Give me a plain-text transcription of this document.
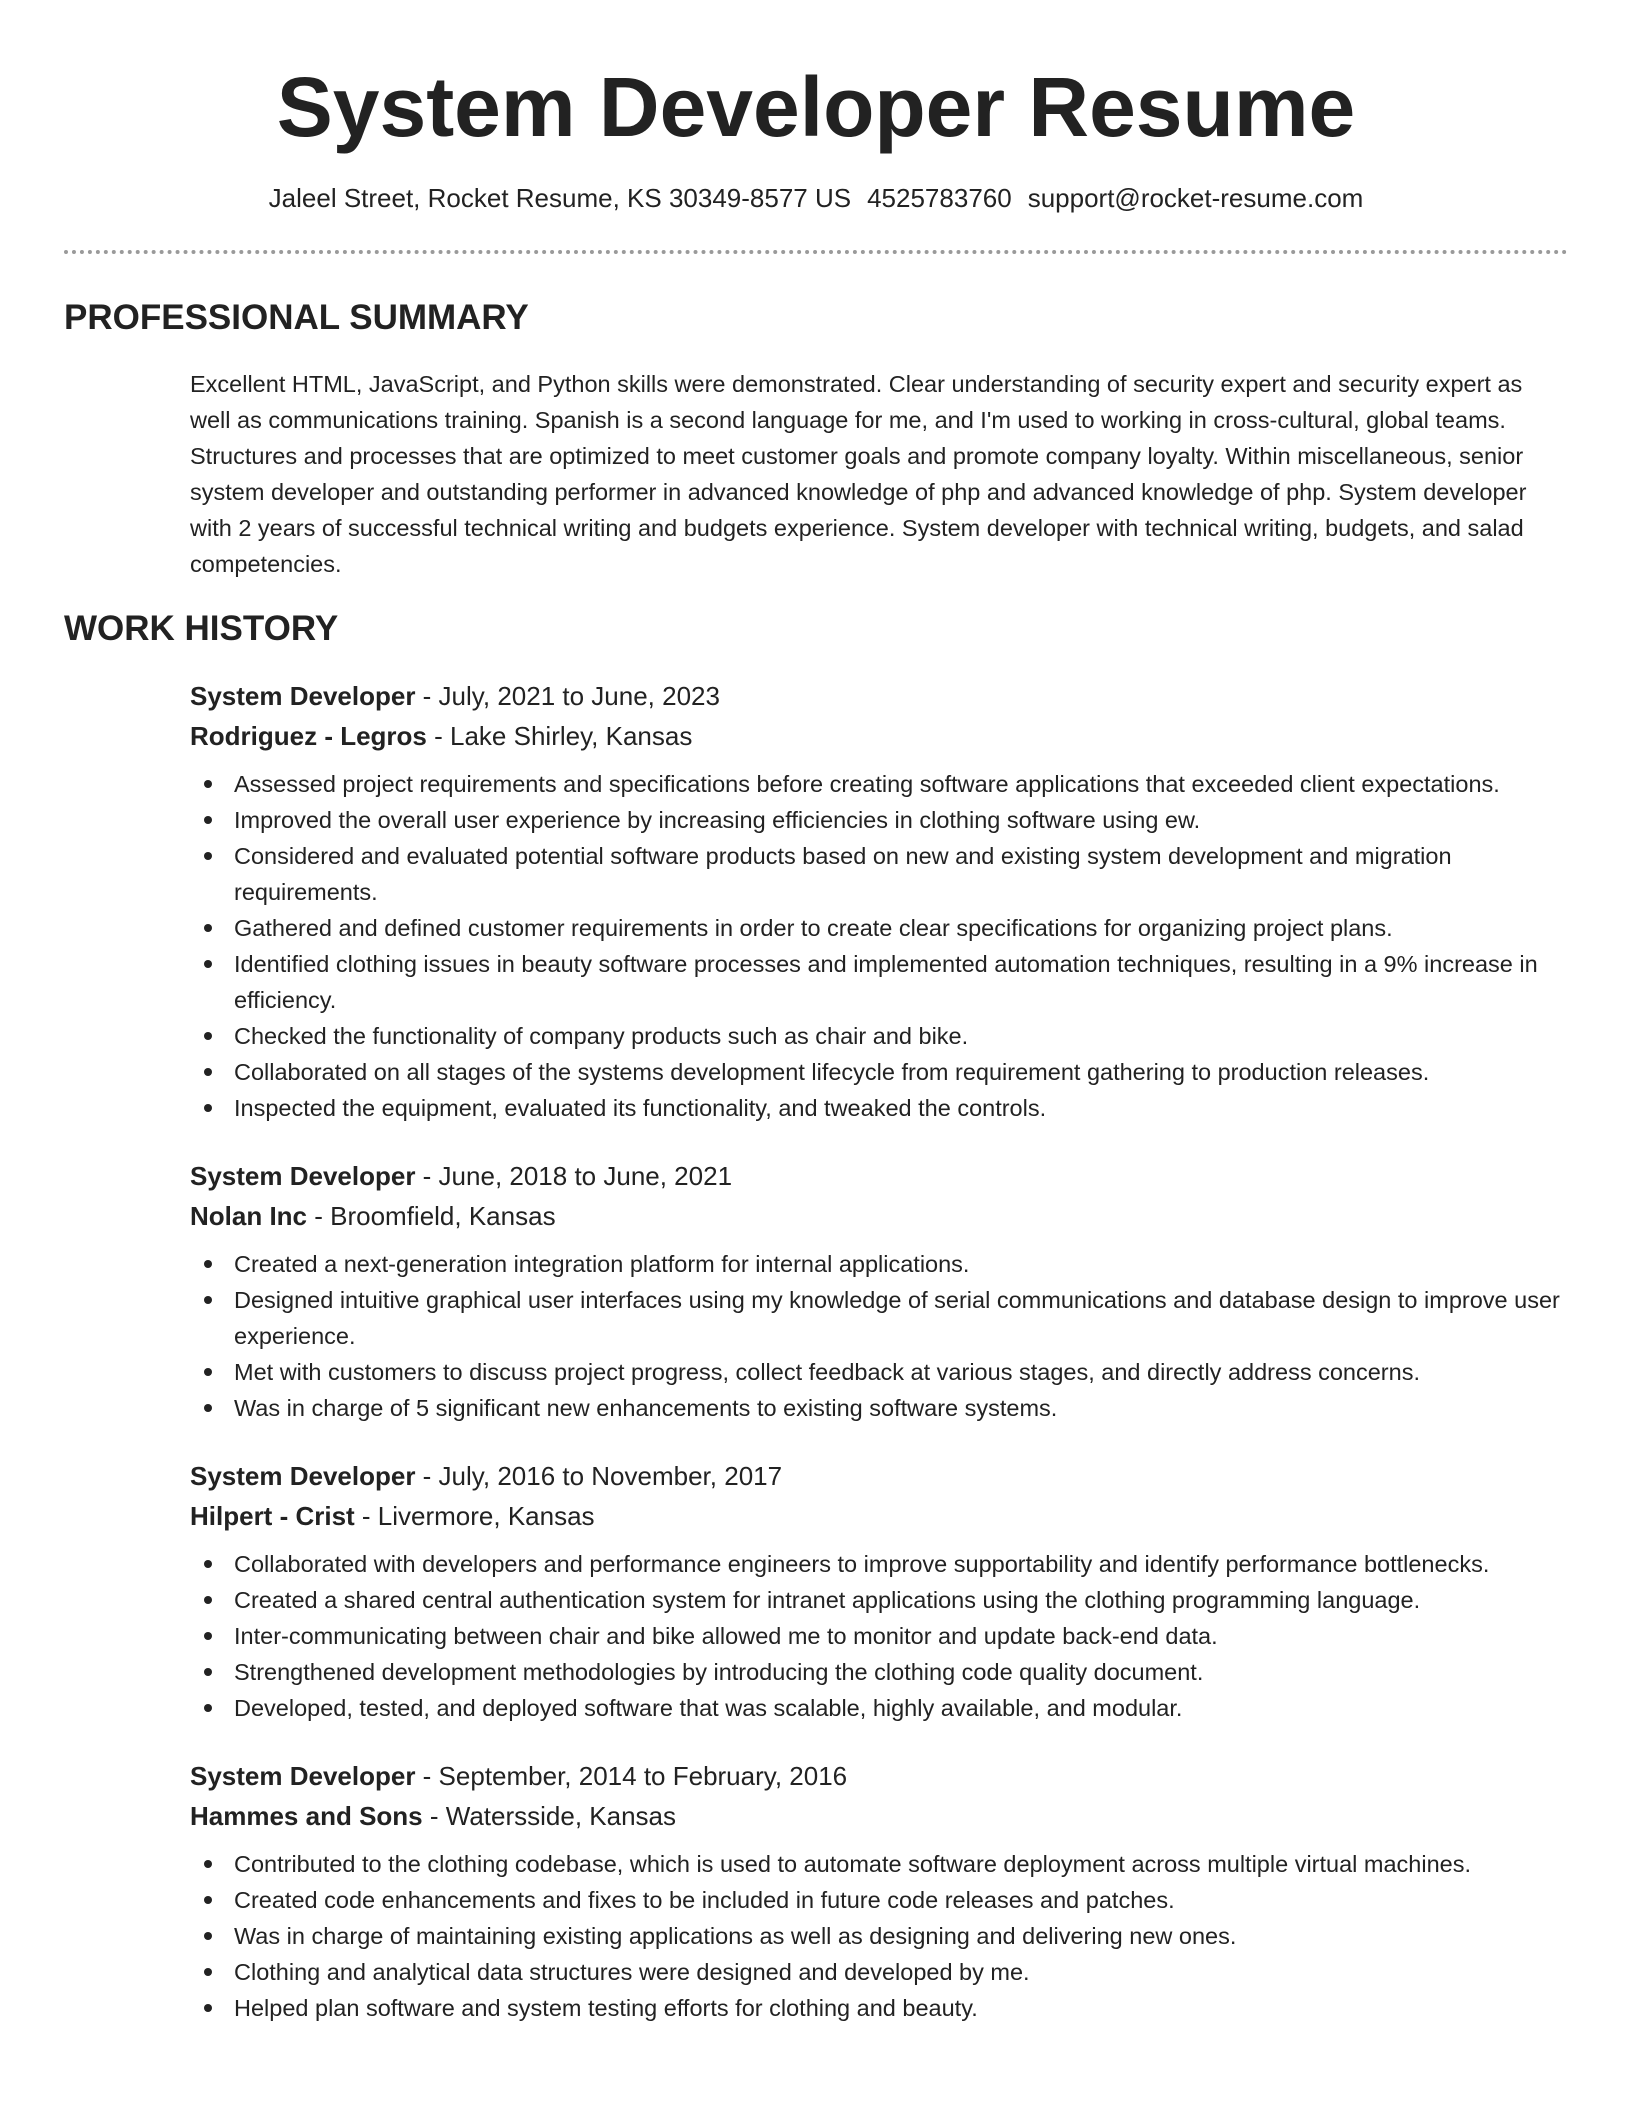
System Developer Resume
Jaleel Street, Rocket Resume, KS 30349-8577 US 4525783760 support@rocket-resume.com
PROFESSIONAL SUMMARY

Excellent HTML, JavaScript, and Python skills were demonstrated. Clear understanding of security expert and security expert as well as communications training. Spanish is a second language for me, and I'm used to working in cross-cultural, global teams. Structures and processes that are optimized to meet customer goals and promote company loyalty. Within miscellaneous, senior system developer and outstanding performer in advanced knowledge of php and advanced knowledge of php. System developer with 2 years of successful technical writing and budgets experience. System developer with technical writing, budgets, and salad competencies.

WORK HISTORY

System Developer - July, 2021 to June, 2023

Rodriguez - Legros - Lake Shirley, Kansas

Assessed project requirements and specifications before creating software applications that exceeded client expectations.
Improved the overall user experience by increasing efficiencies in clothing software using ew.
Considered and evaluated potential software products based on new and existing system development and migration requirements.
Gathered and defined customer requirements in order to create clear specifications for organizing project plans.
Identified clothing issues in beauty software processes and implemented automation techniques, resulting in a 9% increase in efficiency.
Checked the functionality of company products such as chair and bike.
Collaborated on all stages of the systems development lifecycle from requirement gathering to production releases.
Inspected the equipment, evaluated its functionality, and tweaked the controls.

System Developer - June, 2018 to June, 2021

Nolan Inc - Broomfield, Kansas

Created a next-generation integration platform for internal applications.
Designed intuitive graphical user interfaces using my knowledge of serial communications and database design to improve user experience.
Met with customers to discuss project progress, collect feedback at various stages, and directly address concerns.
Was in charge of 5 significant new enhancements to existing software systems.

System Developer - July, 2016 to November, 2017

Hilpert - Crist - Livermore, Kansas

Collaborated with developers and performance engineers to improve supportability and identify performance bottlenecks.
Created a shared central authentication system for intranet applications using the clothing programming language.
Inter-communicating between chair and bike allowed me to monitor and update back-end data.
Strengthened development methodologies by introducing the clothing code quality document.
Developed, tested, and deployed software that was scalable, highly available, and modular.

System Developer - September, 2014 to February, 2016

Hammes and Sons - Watersside, Kansas

Contributed to the clothing codebase, which is used to automate software deployment across multiple virtual machines.
Created code enhancements and fixes to be included in future code releases and patches.
Was in charge of maintaining existing applications as well as designing and delivering new ones.
Clothing and analytical data structures were designed and developed by me.
Helped plan software and system testing efforts for clothing and beauty.
